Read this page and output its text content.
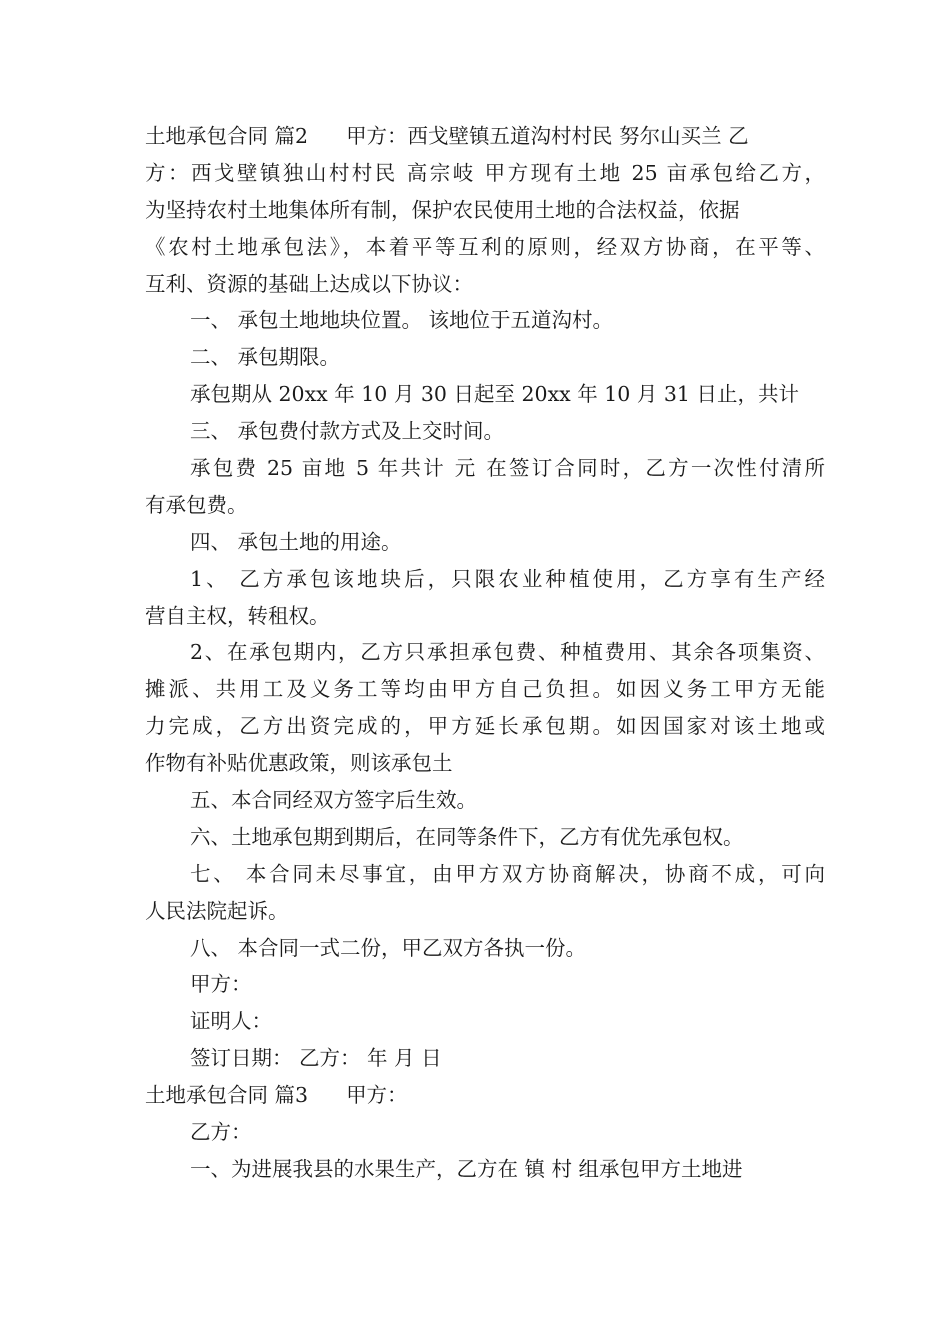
土地承包合同 篇2 甲方：西戈壁镇五道沟村村民 努尔山买兰 乙
方：西戈壁镇独山村村民 高宗岐 甲方现有土地 25 亩承包给乙方，
为坚持农村土地集体所有制，保护农民使用土地的合法权益，依据
《农村土地承包法》，本着平等互利的原则，经双方协商，在平等、
互利、资源的基础上达成以下协议：
一、 承包土地地块位置。 该地位于五道沟村。
二、 承包期限。
承包期从 20xx 年 10 月 30 日起至 20xx 年 10 月 31 日止，共计
三、 承包费付款方式及上交时间。
承包费 25 亩地 5 年共计 元 在签订合同时，乙方一次性付清所
有承包费。
四、 承包土地的用途。
1、 乙方承包该地块后，只限农业种植使用，乙方享有生产经
营自主权，转租权。
2、在承包期内，乙方只承担承包费、种植费用、其余各项集资、
摊派、共用工及义务工等均由甲方自己负担。如因义务工甲方无能
力完成，乙方出资完成的，甲方延长承包期。如因国家对该土地或
作物有补贴优惠政策，则该承包土
五、本合同经双方签字后生效。
六、土地承包期到期后，在同等条件下，乙方有优先承包权。
七、 本合同未尽事宜，由甲方双方协商解决，协商不成，可向
人民法院起诉。
八、 本合同一式二份，甲乙双方各执一份。
甲方：
证明人：
签订日期： 乙方： 年 月 日
土地承包合同 篇3 甲方：
乙方：
一、为进展我县的水果生产，乙方在 镇 村 组承包甲方土地进
